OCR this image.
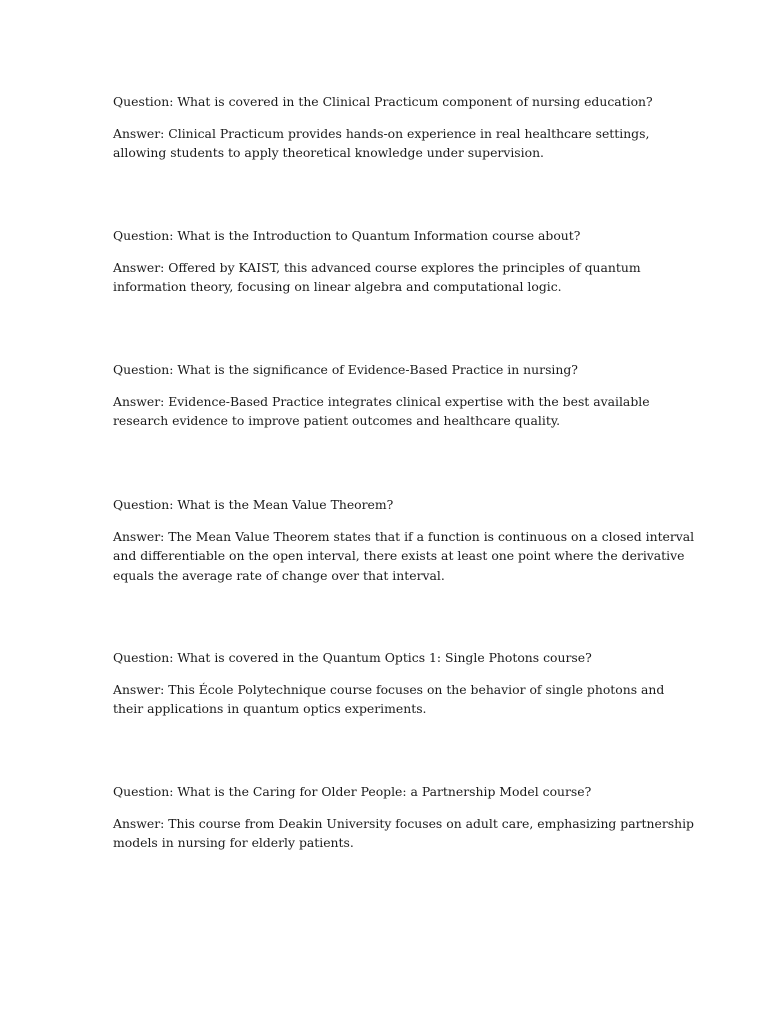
Question: What is covered in the Clinical Practicum component of nursing education?

Answer: Clinical Practicum provides hands-on experience in real healthcare settings,
allowing students to apply theoretical knowledge under supervision.

Question: What is the Introduction to Quantum Information course about?

Answer: Offered by KAIST, this advanced course explores the principles of quantum
information theory, focusing on linear algebra and computational logic.

Question: What is the significance of Evidence-Based Practice in nursing?

Answer: Evidence-Based Practice integrates clinical expertise with the best available
research evidence to improve patient outcomes and healthcare quality.

Question: What is the Mean Value Theorem?

Answer: The Mean Value Theorem states that if a function is continuous on a closed interval
and differentiable on the open interval, there exists at least one point where the derivative
equals the average rate of change over that interval.

Question: What is covered in the Quantum Optics 1: Single Photons course?

Answer: This École Polytechnique course focuses on the behavior of single photons and
their applications in quantum optics experiments.

Question: What is the Caring for Older People: a Partnership Model course?

Answer: This course from Deakin University focuses on adult care, emphasizing partnership
models in nursing for elderly patients.
